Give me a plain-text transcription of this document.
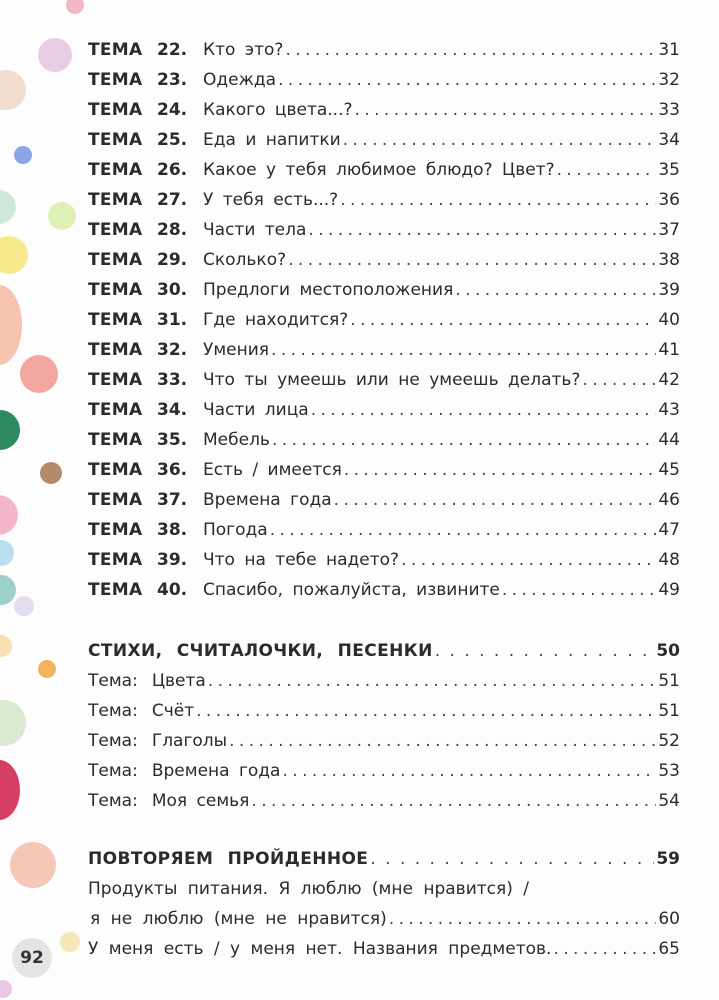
ТЕМА 22. Кто это? . . .	31
ТЕМА 23. Одежда . . .	32
ТЕМА 24. Какого цвета...? . . .	33
ТЕМА 25. Еда и напитки . . .	34
ТЕМА 26. Какое у тебя любимое блюдо? Цвет? . . .	35
ТЕМА 27. У тебя есть...? . . .	36
ТЕМА 28. Части тела . . .	37
ТЕМА 29. Сколько? . . .	38
ТЕМА 30. Предлоги местоположения . . .	39
ТЕМА 31. Где находится? . . .	40
ТЕМА 32. Умения . . .	41
ТЕМА 33. Что ты умеешь или не умеешь делать? . . .	42
ТЕМА 34. Части лица . . .	43
ТЕМА 35. Мебель . . .	44
ТЕМА 36. Есть / имеется . . .	45
ТЕМА 37. Времена года . . .	46
ТЕМА 38. Погода . . .	47
ТЕМА 39. Что на тебе надето? . . .	48
ТЕМА 40. Спасибо, пожалуйста, извините . . .	49
СТИХИ, СЧИТАЛОЧКИ, ПЕСЕНКИ . . .	50
Тема: Цвета . . .	51
Тема: Счёт . . .	51
Тема: Глаголы . . .	52
Тема: Времена года . . .	53
Тема: Моя семья . . .	54
ПОВТОРЯЕМ ПРОЙДЕННОЕ . . .	59
Продукты питания. Я люблю (мне нравится) /
я не люблю (мне не нравится) . . .	60
У меня есть / у меня нет. Названия предметов. . . .	65
92
